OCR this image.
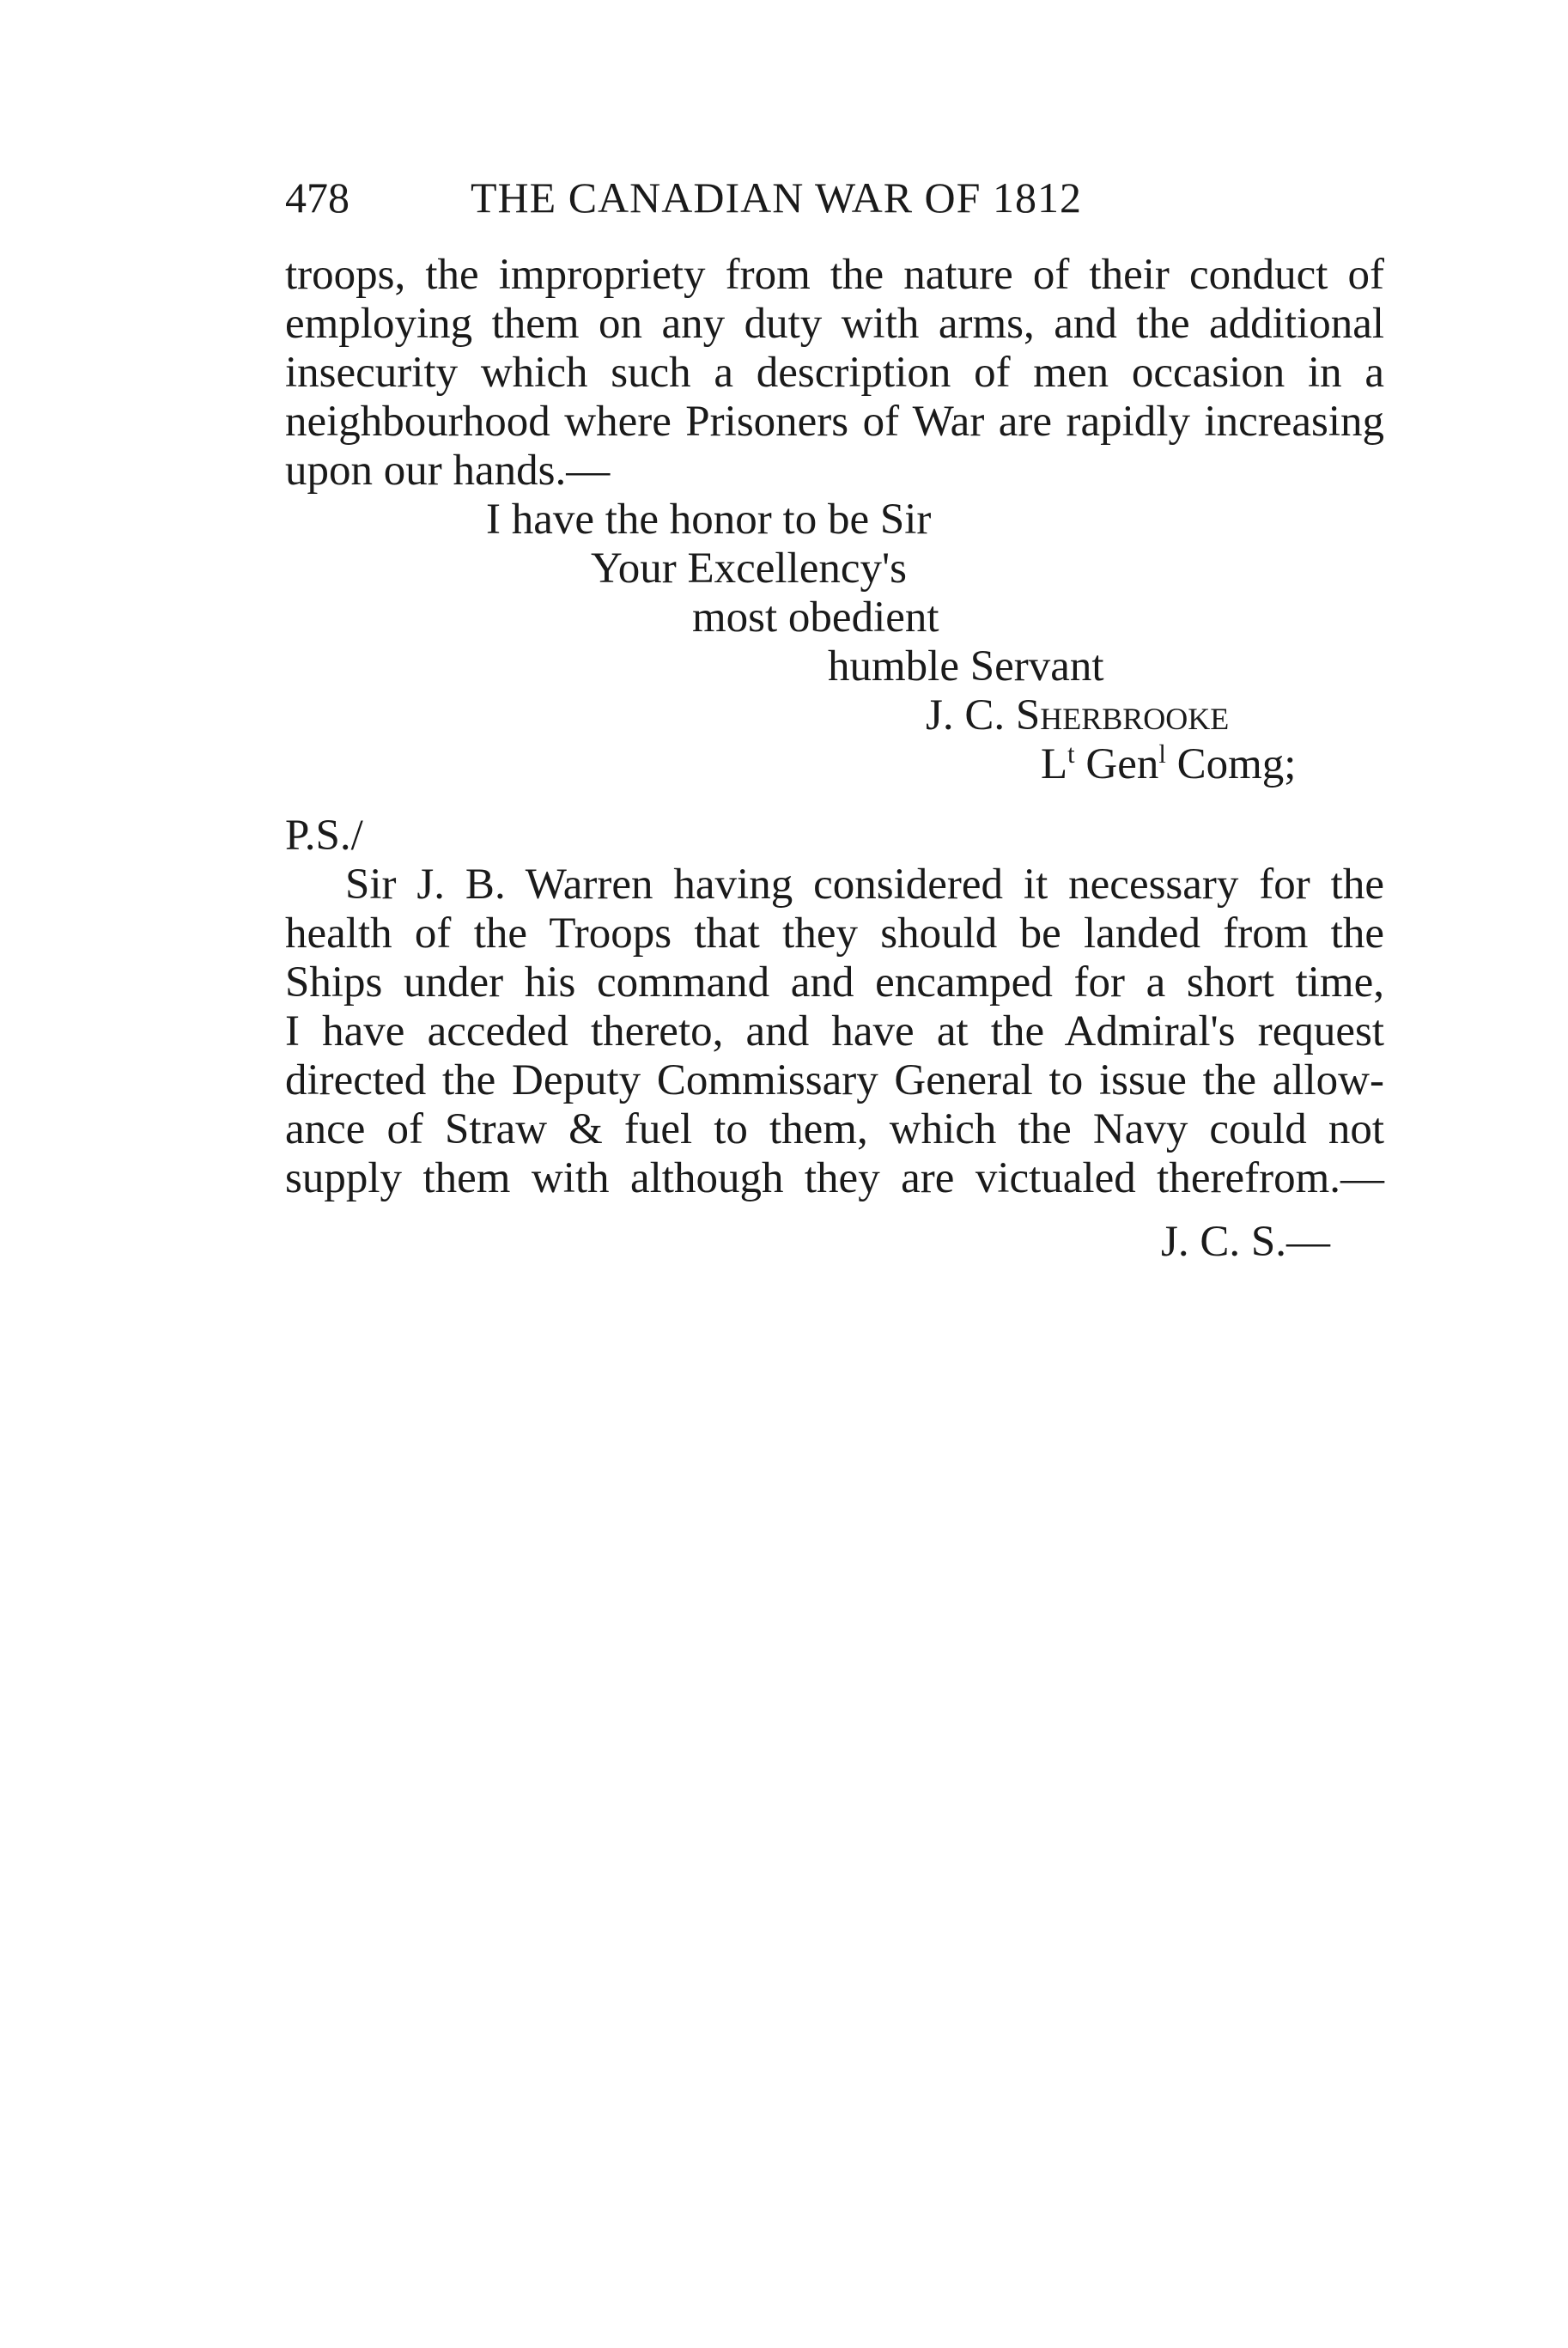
478	THE CANADIAN WAR OF 1812

troops, the impropriety from the nature of their conduct of

employing them on any duty with arms, and the additional

insecurity which such a description of men occasion in a

neighbourhood where Prisoners of War are rapidly increasing

upon our hands.—

I have the honor to be Sir

Your Excellency's

most obedient

humble Servant

J. C. Sherbrooke

$L^t$ Gen$^l$ Comg;

P.S./

Sir J. B. Warren having considered it necessary for the

health of the Troops that they should be landed from the

Ships under his command and encamped for a short time,

I have acceded thereto, and have at the Admiral's request

directed the Deputy Commissary General to issue the allow-

ance of Straw & fuel to them, which the Navy could not

supply them with although they are victualed therefrom.—

J. C. S.—
